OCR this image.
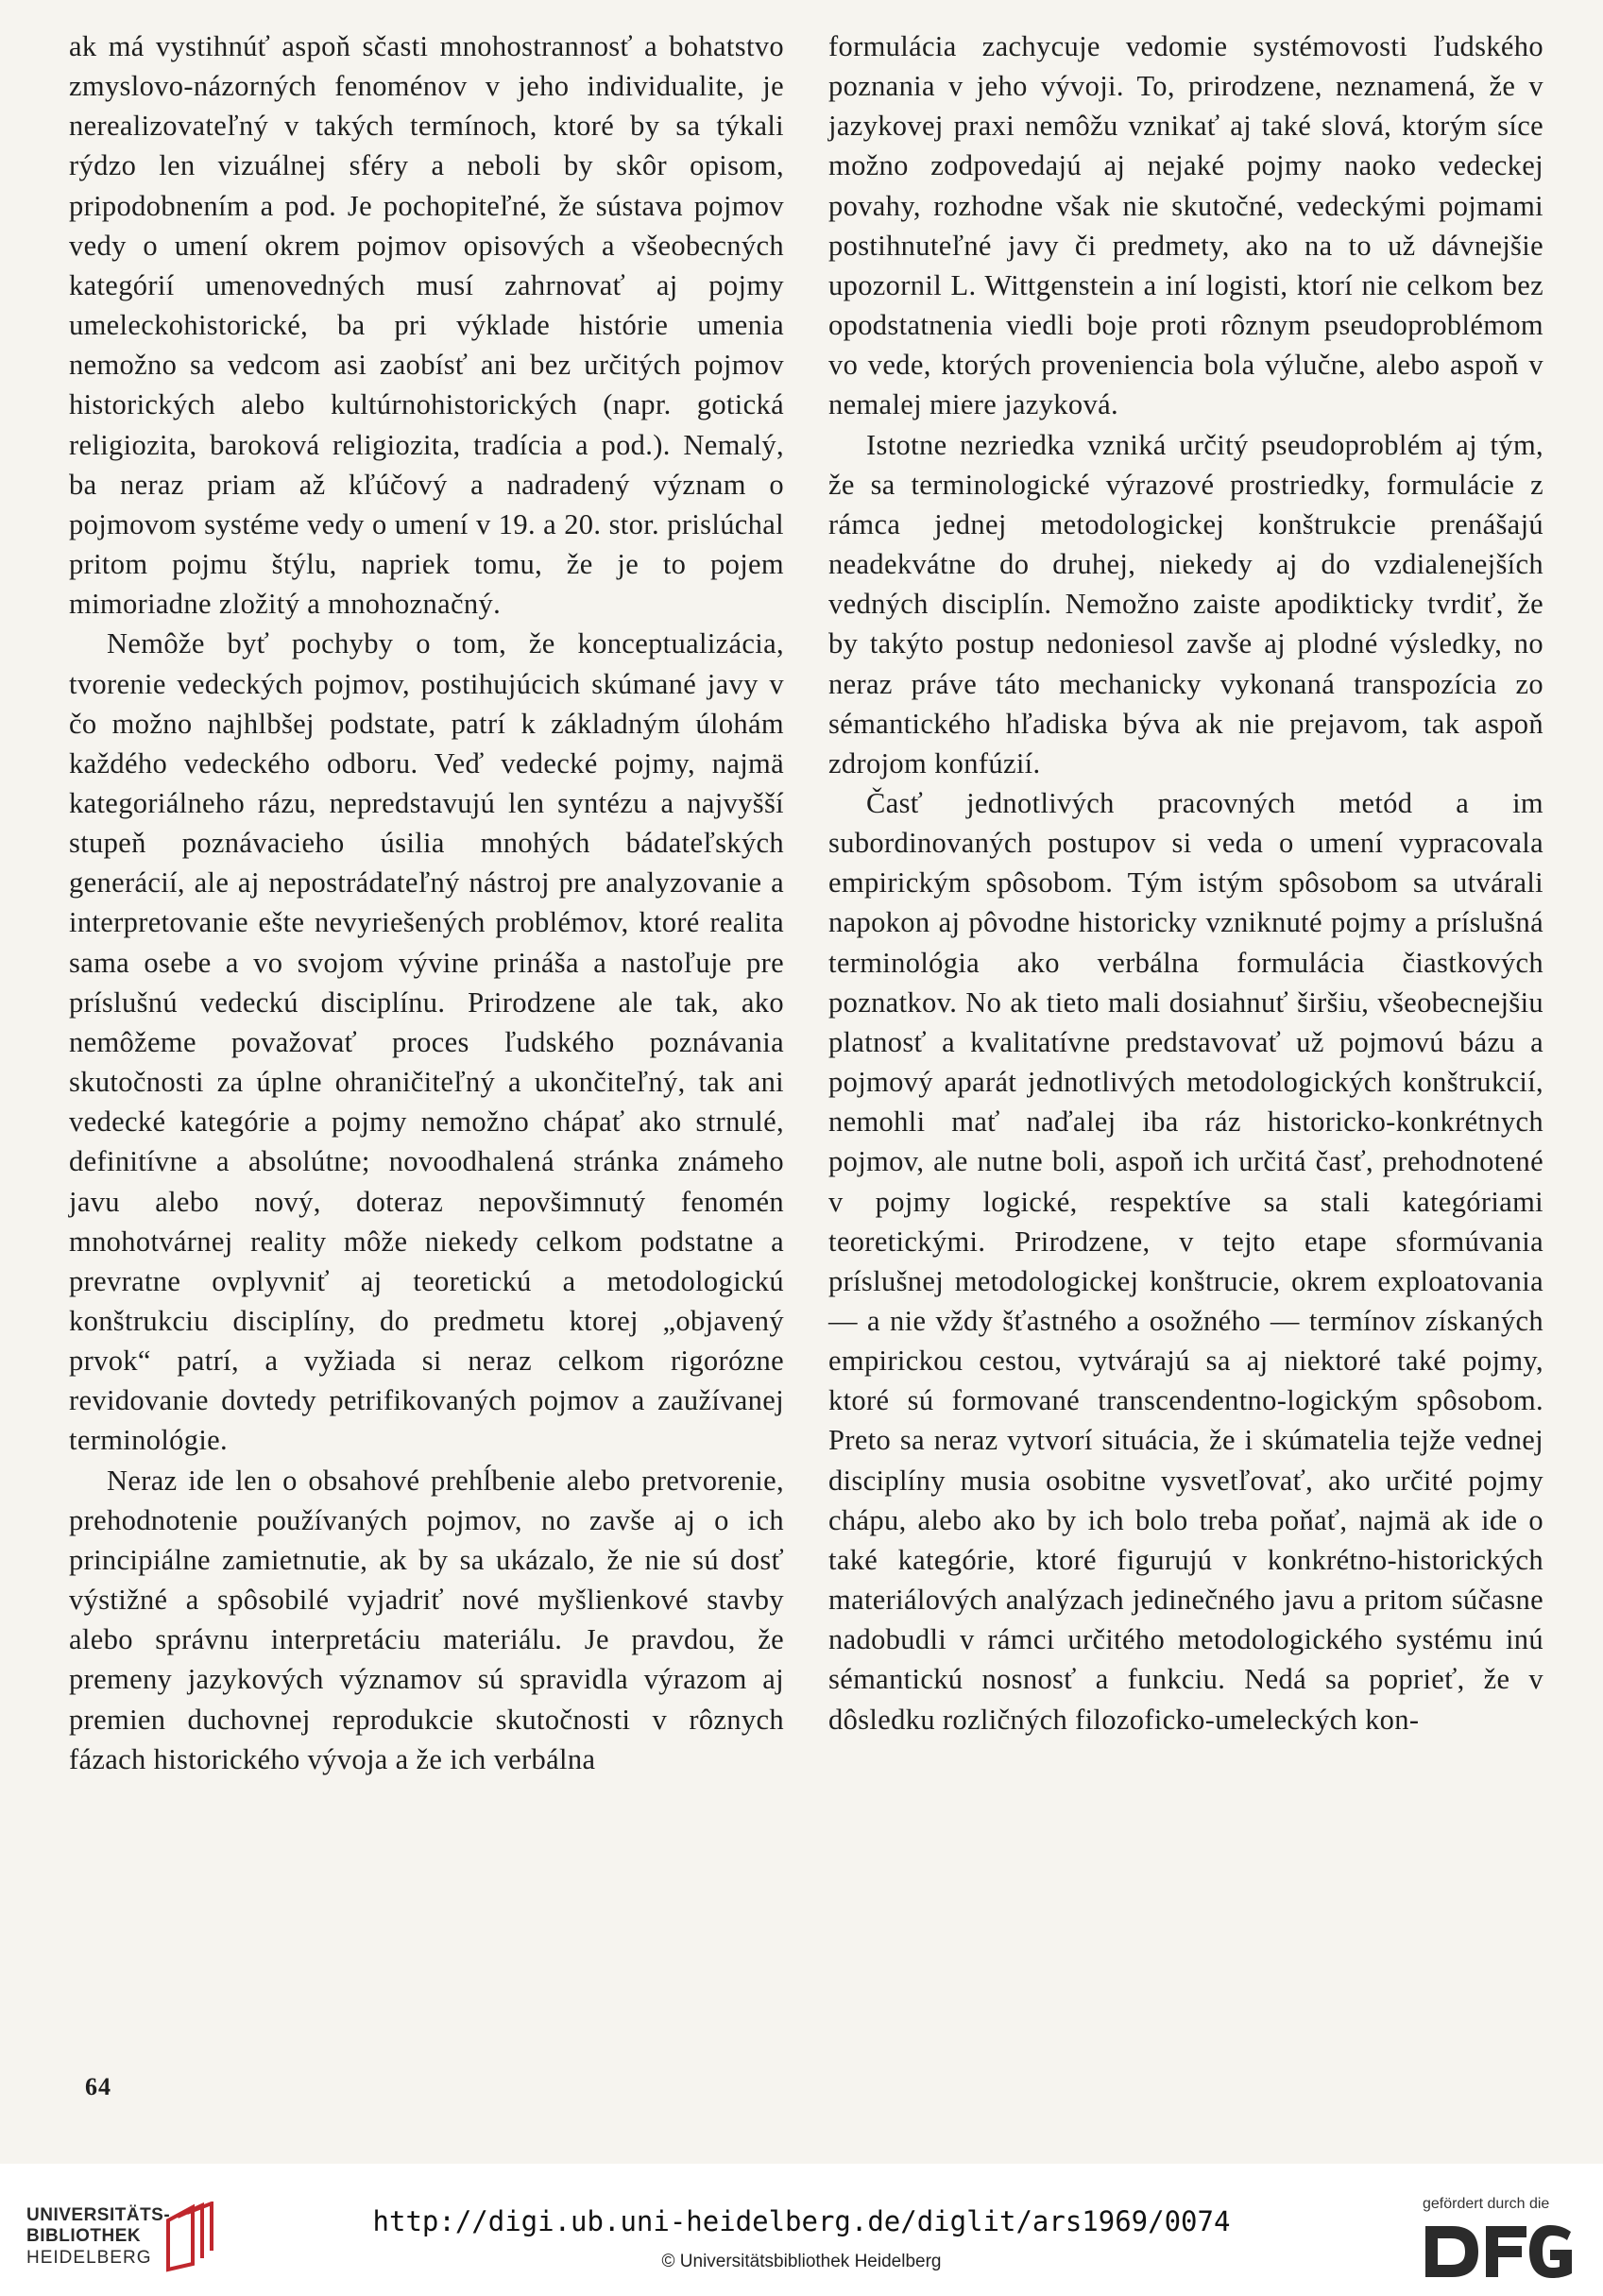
ak má vystihnúť aspoň sčasti mnohostrannosť a bohatstvo zmyslovo-názorných fenoménov v jeho individualite, je nerealizovateľný v takých termínoch, ktoré by sa týkali rýdzo len vizuálnej sféry a neboli by skôr opisom, pripodobnením a pod. Je pochopiteľné, že sústava pojmov vedy o umení okrem pojmov opisových a všeobecných kategórií umenovedných musí zahrnovať aj pojmy umeleckohistorické, ba pri výklade histórie umenia nemožno sa vedcom asi zaobísť ani bez určitých pojmov historických alebo kultúrnohistorických (napr. gotická religiozita, baroková religiozita, tradícia a pod.). Nemalý, ba neraz priam až kľúčový a nadradený význam o pojmovom systéme vedy o umení v 19. a 20. stor. prislúchal pritom pojmu štýlu, napriek tomu, že je to pojem mimoriadne zložitý a mnohoznačný.

Nemôže byť pochyby o tom, že konceptualizácia, tvorenie vedeckých pojmov, postihujúcich skúmané javy v čo možno najhlbšej podstate, patrí k základným úlohám každého vedeckého odboru. Veď vedecké pojmy, najmä kategoriálneho rázu, nepredstavujú len syntézu a najvyšší stupeň poznávacieho úsilia mnohých bádateľských generácií, ale aj nepostrádateľný nástroj pre analyzovanie a interpretovanie ešte nevyriešených problémov, ktoré realita sama osebe a vo svojom vývine prináša a nastoľuje pre príslušnú vedeckú disciplínu. Prirodzene ale tak, ako nemôžeme považovať proces ľudského poznávania skutočnosti za úplne ohraničiteľný a ukončiteľný, tak ani vedecké kategórie a pojmy nemožno chápať ako strnulé, definitívne a absolútne; novoodhalená stránka známeho javu alebo nový, doteraz nepovšimnutý fenomén mnohotvárnej reality môže niekedy celkom podstatne a prevratne ovplyvniť aj teoretickú a metodologickú konštrukciu disciplíny, do predmetu ktorej „objavený prvok“ patrí, a vyžiada si neraz celkom rigorózne revidovanie dovtedy petrifikovaných pojmov a zaužívanej terminológie.

Neraz ide len o obsahové prehĺbenie alebo pretvorenie, prehodnotenie používaných pojmov, no zavše aj o ich principiálne zamietnutie, ak by sa ukázalo, že nie sú dosť výstižné a spôsobilé vyjadriť nové myšlienkové stavby alebo správnu interpretáciu materiálu. Je pravdou, že premeny jazykových významov sú spravidla výrazom aj premien duchovnej reprodukcie skutočnosti v rôznych fázach historického vývoja a že ich verbálna

formulácia zachycuje vedomie systémovosti ľudského poznania v jeho vývoji. To, prirodzene, neznamená, že v jazykovej praxi nemôžu vznikať aj také slová, ktorým síce možno zodpovedajú aj nejaké pojmy naoko vedeckej povahy, rozhodne však nie skutočné, vedeckými pojmami postihnuteľné javy či predmety, ako na to už dávnejšie upozornil L. Wittgenstein a iní logisti, ktorí nie celkom bez opodstatnenia viedli boje proti rôznym pseudoproblémom vo vede, ktorých proveniencia bola výlučne, alebo aspoň v nemalej miere jazyková.

Istotne nezriedka vzniká určitý pseudoproblém aj tým, že sa terminologické výrazové prostriedky, formulácie z rámca jednej metodologickej konštrukcie prenášajú neadekvátne do druhej, niekedy aj do vzdialenejších vedných disciplín. Nemožno zaiste apodikticky tvrdiť, že by takýto postup nedoniesol zavše aj plodné výsledky, no neraz práve táto mechanicky vykonaná transpozícia zo sémantického hľadiska býva ak nie prejavom, tak aspoň zdrojom konfúzií.

Časť jednotlivých pracovných metód a im subordinovaných postupov si veda o umení vypracovala empirickým spôsobom. Tým istým spôsobom sa utvárali napokon aj pôvodne historicky vzniknuté pojmy a príslušná terminológia ako verbálna formulácia čiastkových poznatkov. No ak tieto mali dosiahnuť širšiu, všeobecnejšiu platnosť a kvalitatívne predstavovať už pojmovú bázu a pojmový aparát jednotlivých metodologických konštrukcií, nemohli mať naďalej iba ráz historicko-konkrétnych pojmov, ale nutne boli, aspoň ich určitá časť, prehodnotené v pojmy logické, respektíve sa stali kategóriami teoretickými. Prirodzene, v tejto etape sformúvania príslušnej metodologickej konštrucie, okrem exploatovania — a nie vždy šťastného a osožného — termínov získaných empirickou cestou, vytvárajú sa aj niektoré také pojmy, ktoré sú formované transcendentno-logickým spôsobom. Preto sa neraz vytvorí situácia, že i skúmatelia tejže vednej disciplíny musia osobitne vysvetľovať, ako určité pojmy chápu, alebo ako by ich bolo treba poňať, najmä ak ide o také kategórie, ktoré figurujú v konkrétno-historických materiálových analýzach jedinečného javu a pritom súčasne nadobudli v rámci určitého metodologického systému inú sémantickú nosnosť a funkciu. Nedá sa poprieť, že v dôsledku rozličných filozoficko-umeleckých kon-

64
UNIVERSITÄTS-
BIBLIOTHEK
HEIDELBERG
http://digi.ub.uni-heidelberg.de/diglit/ars1969/0074
© Universitätsbibliothek Heidelberg
gefördert durch die
